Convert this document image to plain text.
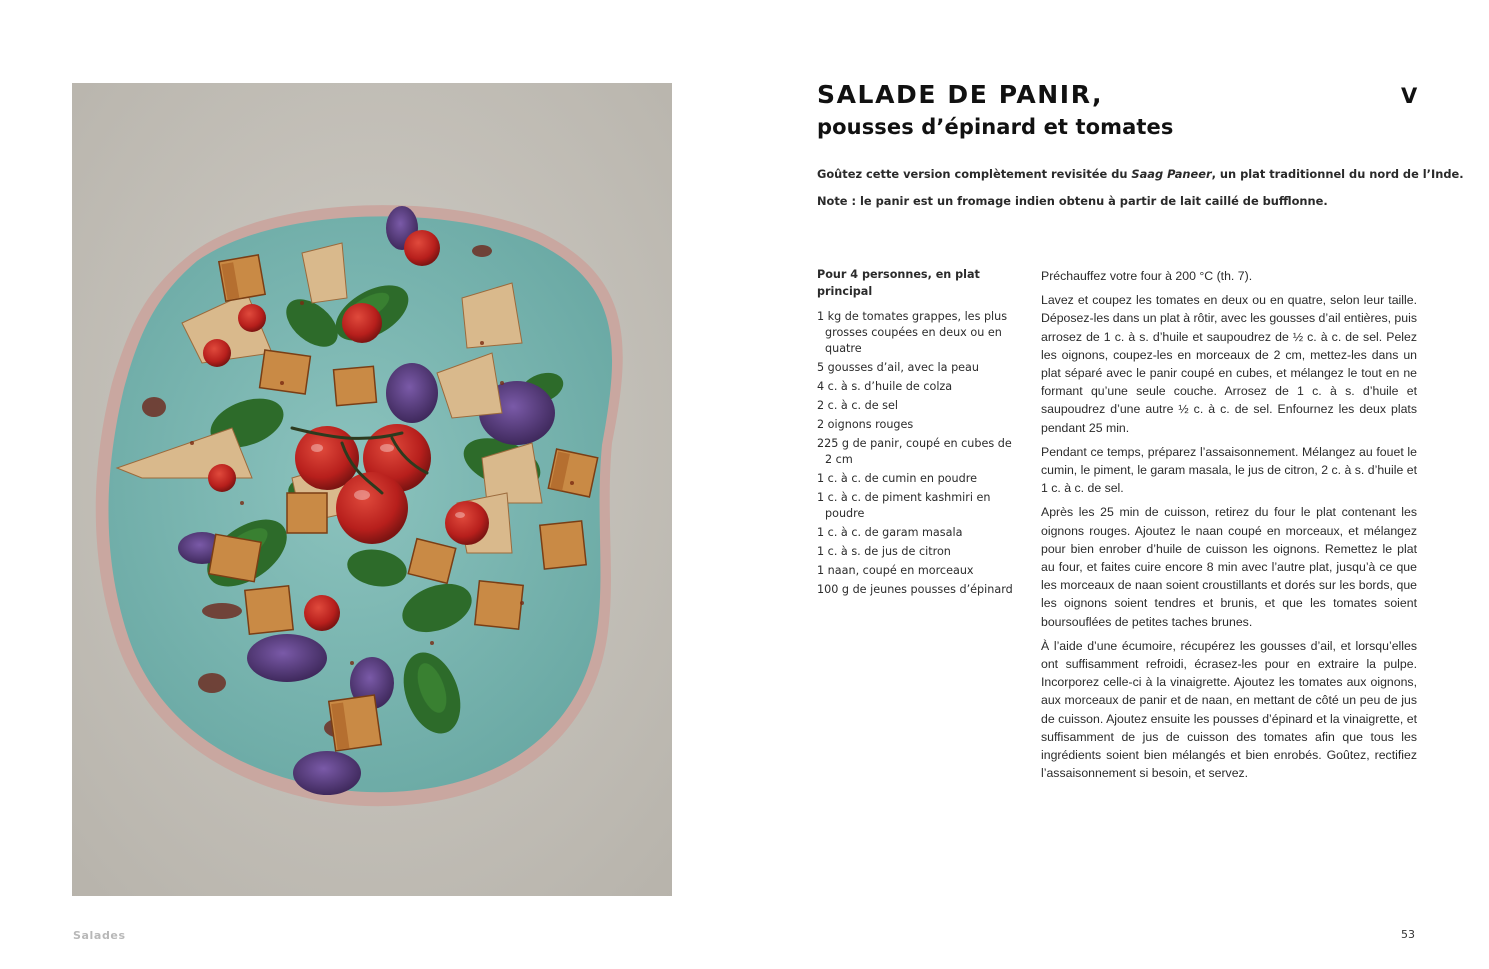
SALADE DE PANIR,
pousses d’épinard et tomates
V

Goûtez cette version complètement revisitée du Saag Paneer, un plat traditionnel du nord de l’Inde.

Note : le panir est un fromage indien obtenu à partir de lait caillé de bufflonne.

Pour 4 personnes, en plat principal
1 kg de tomates grappes, les plus grosses coupées en deux ou en quatre
5 gousses d’ail, avec la peau
4 c. à s. d’huile de colza
2 c. à c. de sel
2 oignons rouges
225 g de panir, coupé en cubes de 2 cm
1 c. à c. de cumin en poudre
1 c. à c. de piment kashmiri en poudre
1 c. à c. de garam masala
1 c. à s. de jus de citron
1 naan, coupé en morceaux
100 g de jeunes pousses d’épinard

Préchauffez votre four à 200 °C (th. 7).

Lavez et coupez les tomates en deux ou en quatre, selon leur taille. Déposez-les dans un plat à rôtir, avec les gousses d’ail entières, puis arrosez de 1 c. à s. d’huile et saupoudrez de ½ c. à c. de sel. Pelez les oignons, coupez-les en morceaux de 2 cm, mettez-les dans un plat séparé avec le panir coupé en cubes, et mélangez le tout en ne formant qu’une seule couche. Arrosez de 1 c. à s. d’huile et saupoudrez d’une autre ½ c. à c. de sel. Enfournez les deux plats pendant 25 min.

Pendant ce temps, préparez l’assaisonnement. Mélangez au fouet le cumin, le piment, le garam masala, le jus de citron, 2 c. à s. d’huile et 1 c. à c. de sel.

Après les 25 min de cuisson, retirez du four le plat contenant les oignons rouges. Ajoutez le naan coupé en morceaux, et mélangez pour bien enrober d’huile de cuisson les oignons. Remettez le plat au four, et faites cuire encore 8 min avec l’autre plat, jusqu’à ce que les morceaux de naan soient croustillants et dorés sur les bords, que les oignons soient tendres et brunis, et que les tomates soient boursouflées de petites taches brunes.

À l’aide d’une écumoire, récupérez les gousses d’ail, et lorsqu’elles ont suffisamment refroidi, écrasez-les pour en extraire la pulpe. Incorporez celle-ci à la vinaigrette. Ajoutez les tomates aux oignons, aux morceaux de panir et de naan, en mettant de côté un peu de jus de cuisson. Ajoutez ensuite les pousses d’épinard et la vinaigrette, et suffisamment de jus de cuisson des tomates afin que tous les ingrédients soient bien mélangés et bien enrobés. Goûtez, rectifiez l’assaisonnement si besoin, et servez.

Salades	53
